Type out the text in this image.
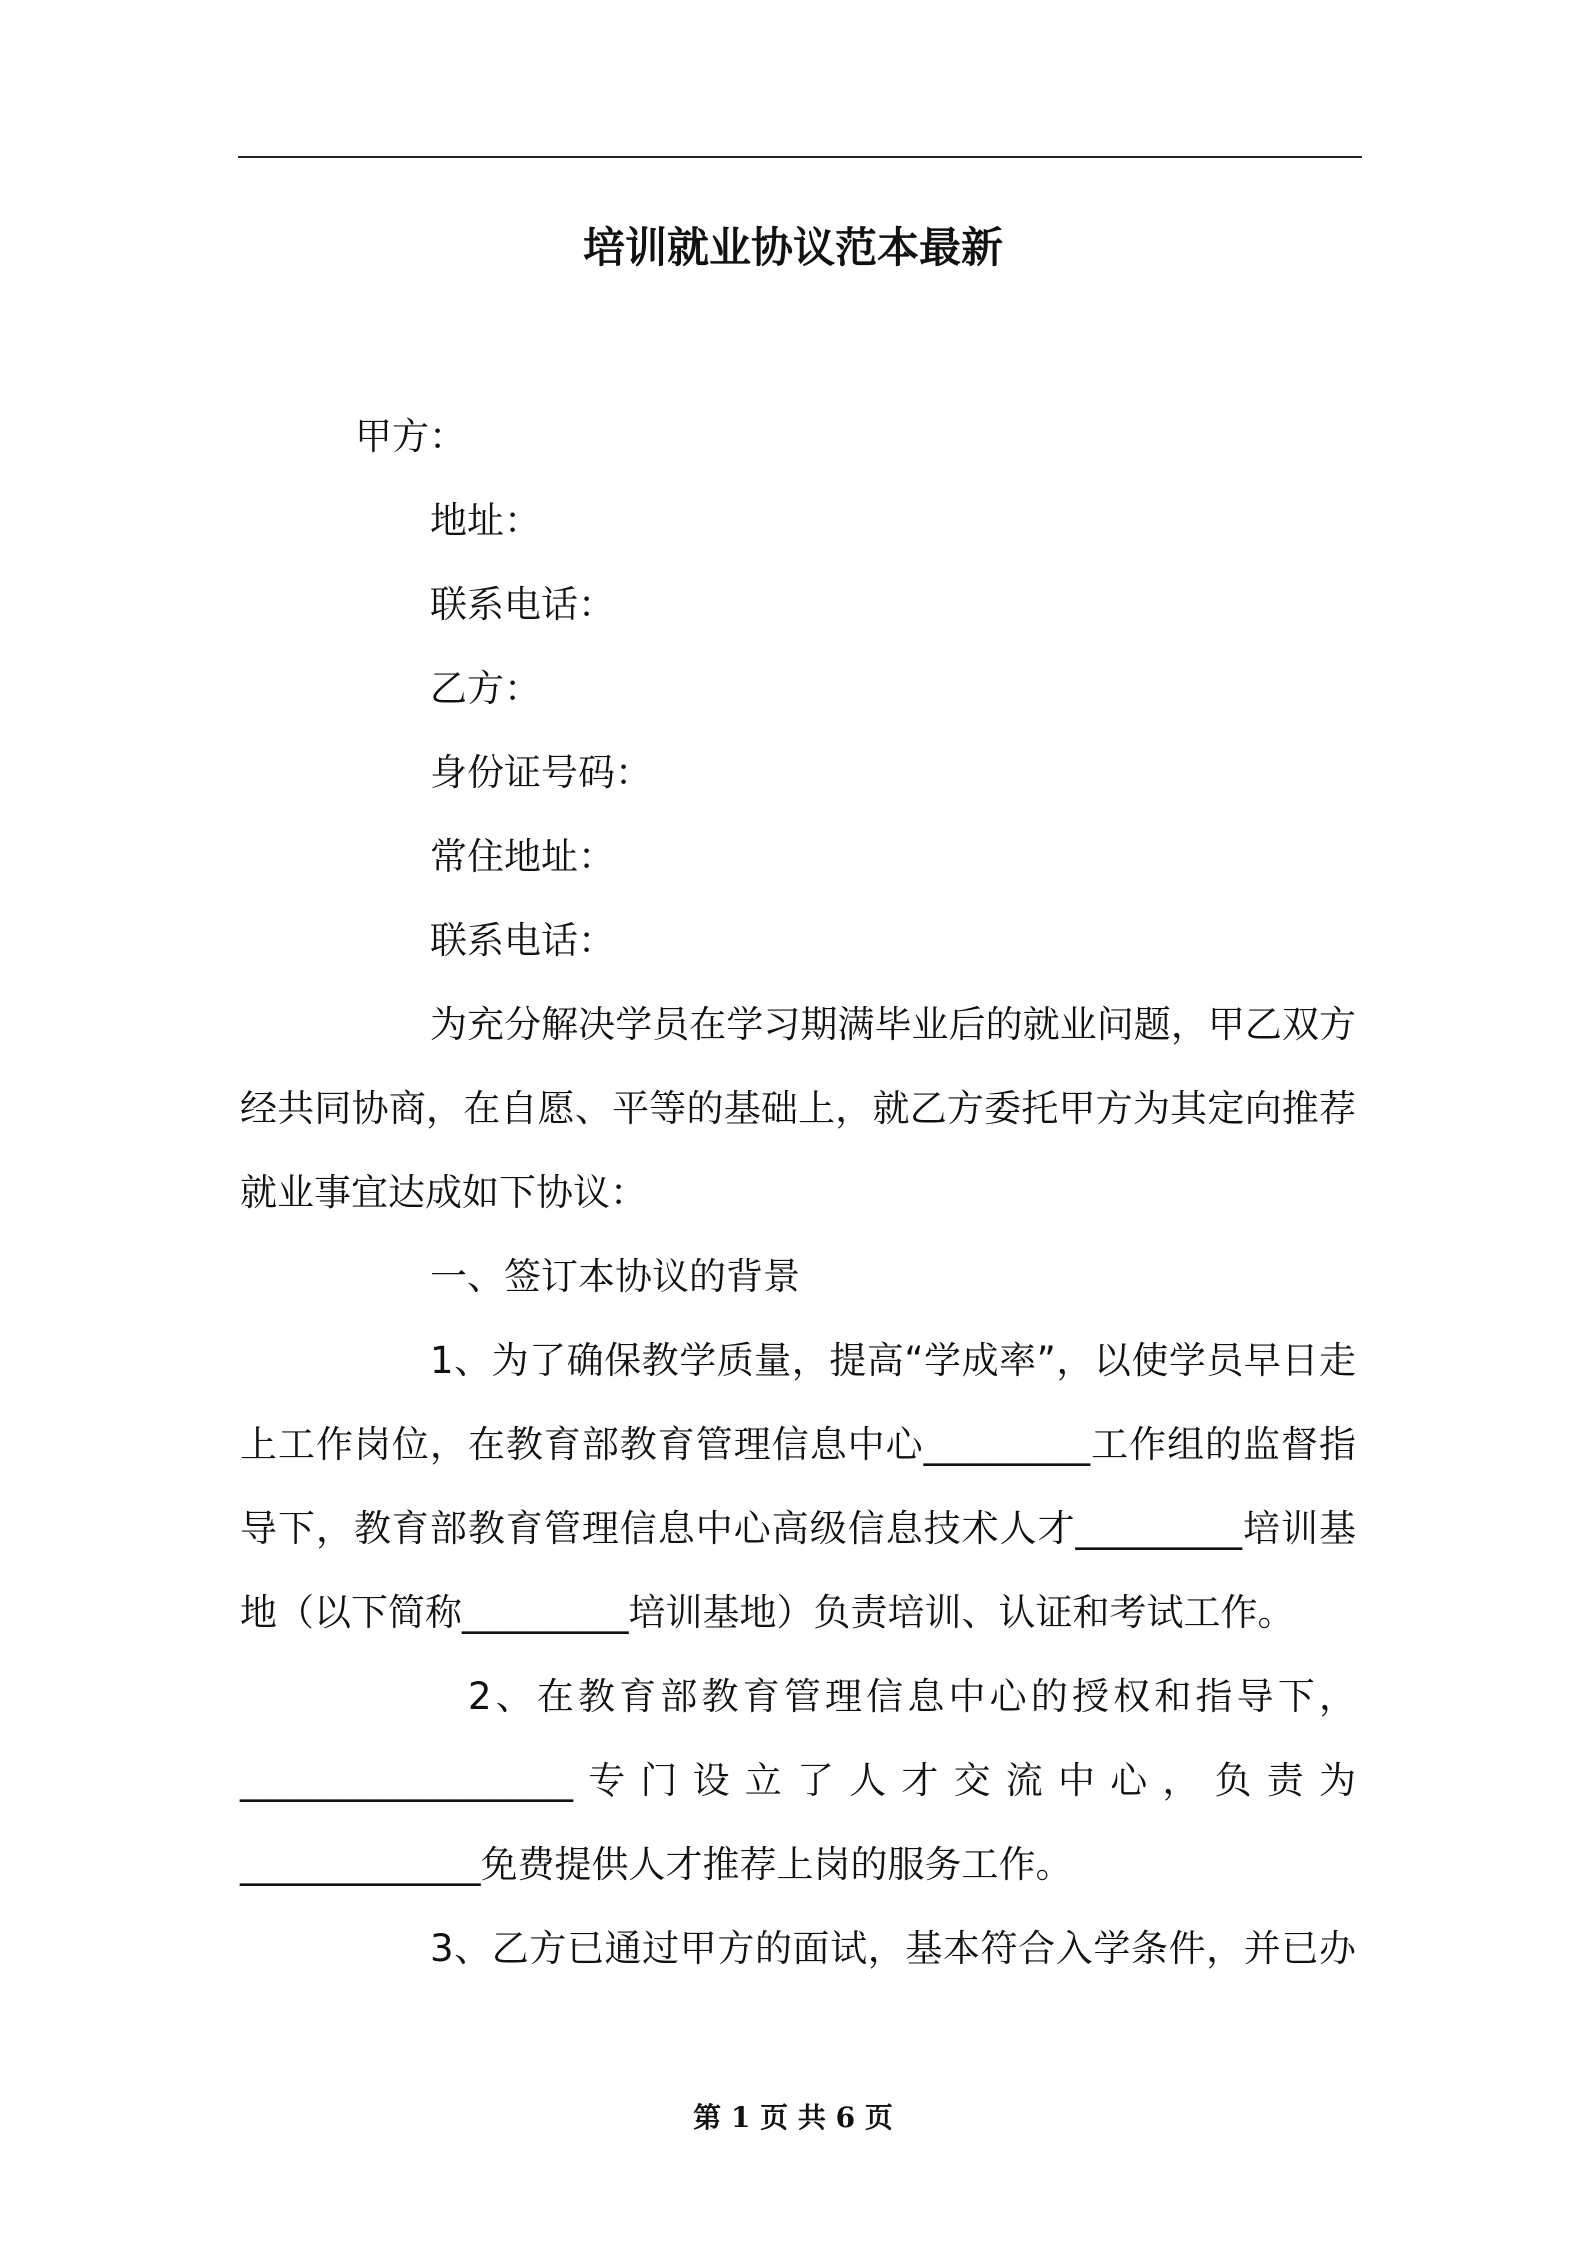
培训就业协议范本最新
甲方：
地址：
联系电话：
乙方：
身份证号码：
常住地址：
联系电话：
为充分解决学员在学习期满毕业后的就业问题，甲乙双方
经共同协商，在自愿、平等的基础上，就乙方委托甲方为其定向推荐
就业事宜达成如下协议：
一、签订本协议的背景
1、为了确保教学质量，提高“学成率”，以使学员早日走
上工作岗位，在教育部教育管理信息中心_________工作组的监督指
导下，教育部教育管理信息中心高级信息技术人才_________培训基
地（以下简称_________培训基地）负责培训、认证和考试工作。
2、在教育部教育管理信息中心的授权和指导下，
__________________专门设立了人才交流中心，负责为
_____________免费提供人才推荐上岗的服务工作。
3、乙方已通过甲方的面试，基本符合入学条件，并已办
第 1 页 共 6 页
